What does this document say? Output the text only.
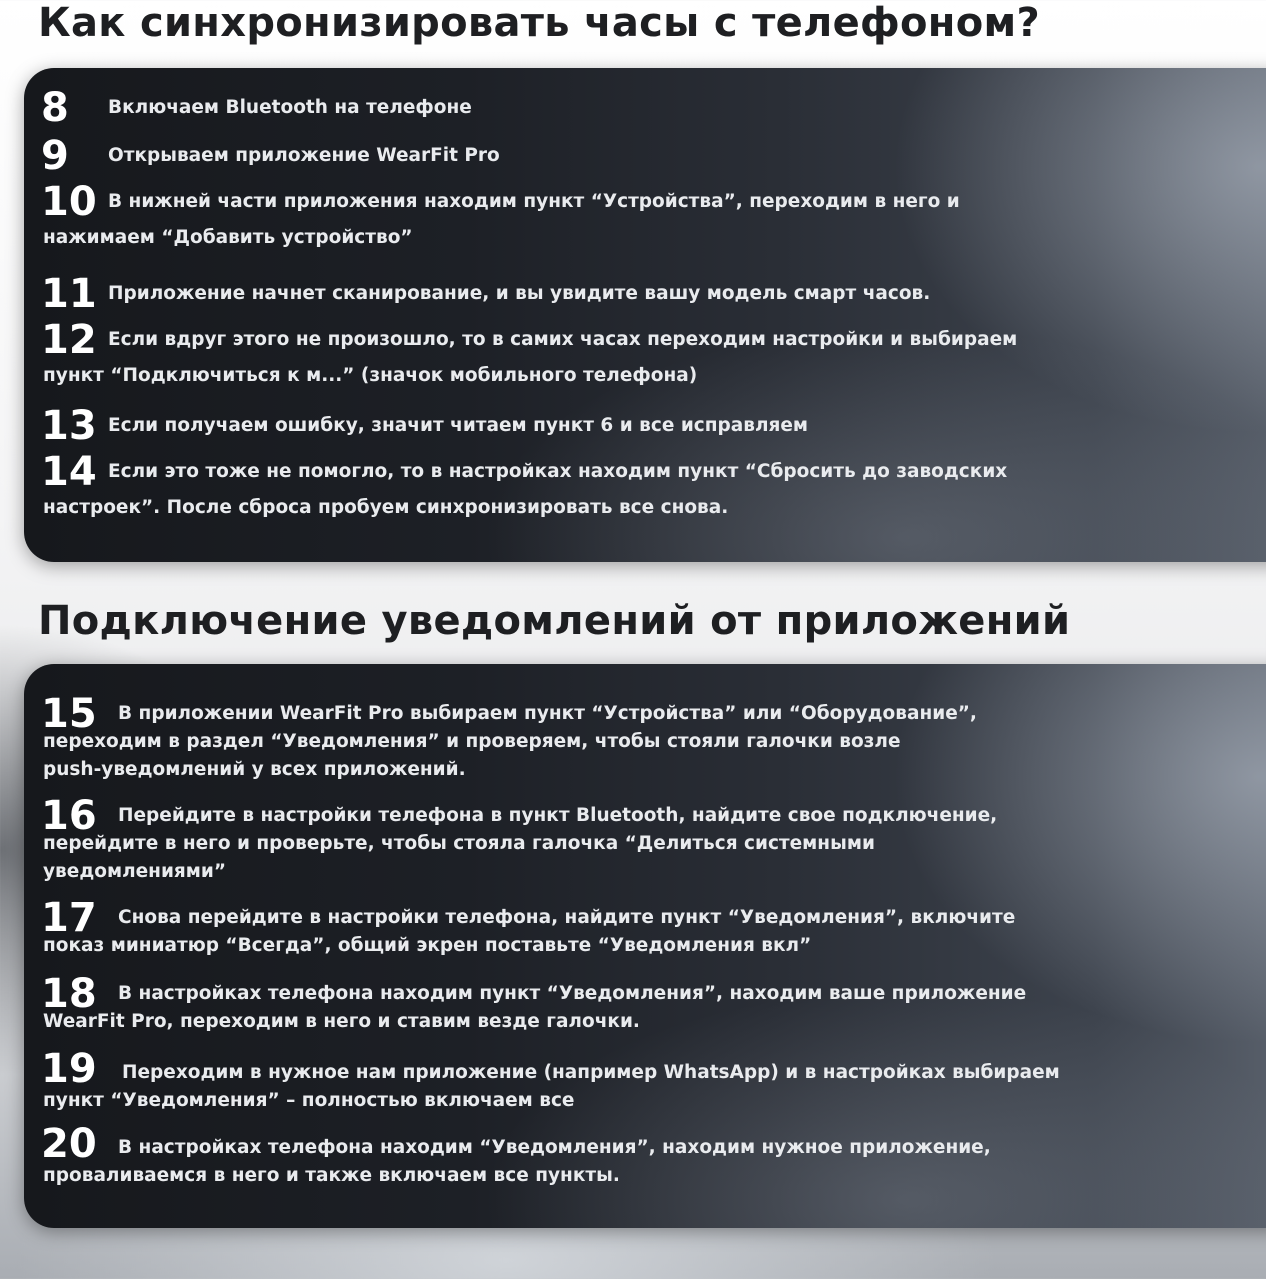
Как синхронизировать часы с телефоном?
8 Включаем Bluetooth на телефоне
9 Открываем приложение WearFit Pro
10 В нижней части приложения находим пункт “Устройства”, переходим в него и
нажимаем “Добавить устройство”
11 Приложение начнет сканирование, и вы увидите вашу модель смарт часов.
12 Если вдруг этого не произошло, то в самих часах переходим настройки и выбираем
пункт “Подключиться к м...” (значок мобильного телефона)
13 Если получаем ошибку, значит читаем пункт 6 и все исправляем
14 Если это тоже не помогло, то в настройках находим пункт “Сбросить до заводских
настроек”. После сброса пробуем синхронизировать все снова.
Подключение уведомлений от приложений
15 В приложении WearFit Pro выбираем пункт “Устройства” или “Оборудование”,
переходим в раздел “Уведомления” и проверяем, чтобы стояли галочки возле
push-уведомлений у всех приложений.
16 Перейдите в настройки телефона в пункт Bluetooth, найдите свое подключение,
перейдите в него и проверьте, чтобы стояла галочка “Делиться системными
уведомлениями”
17 Снова перейдите в настройки телефона, найдите пункт “Уведомления”, включите
показ миниатюр “Всегда”, общий экрен поставьте “Уведомления вкл”
18 В настройках телефона находим пункт “Уведомления”, находим ваше приложение
WearFit Pro, переходим в него и ставим везде галочки.
19 Переходим в нужное нам приложение (например WhatsApp) и в настройках выбираем
пункт “Уведомления” – полностью включаем все
20 В настройках телефона находим “Уведомления”, находим нужное приложение,
проваливаемся в него и также включаем все пункты.
